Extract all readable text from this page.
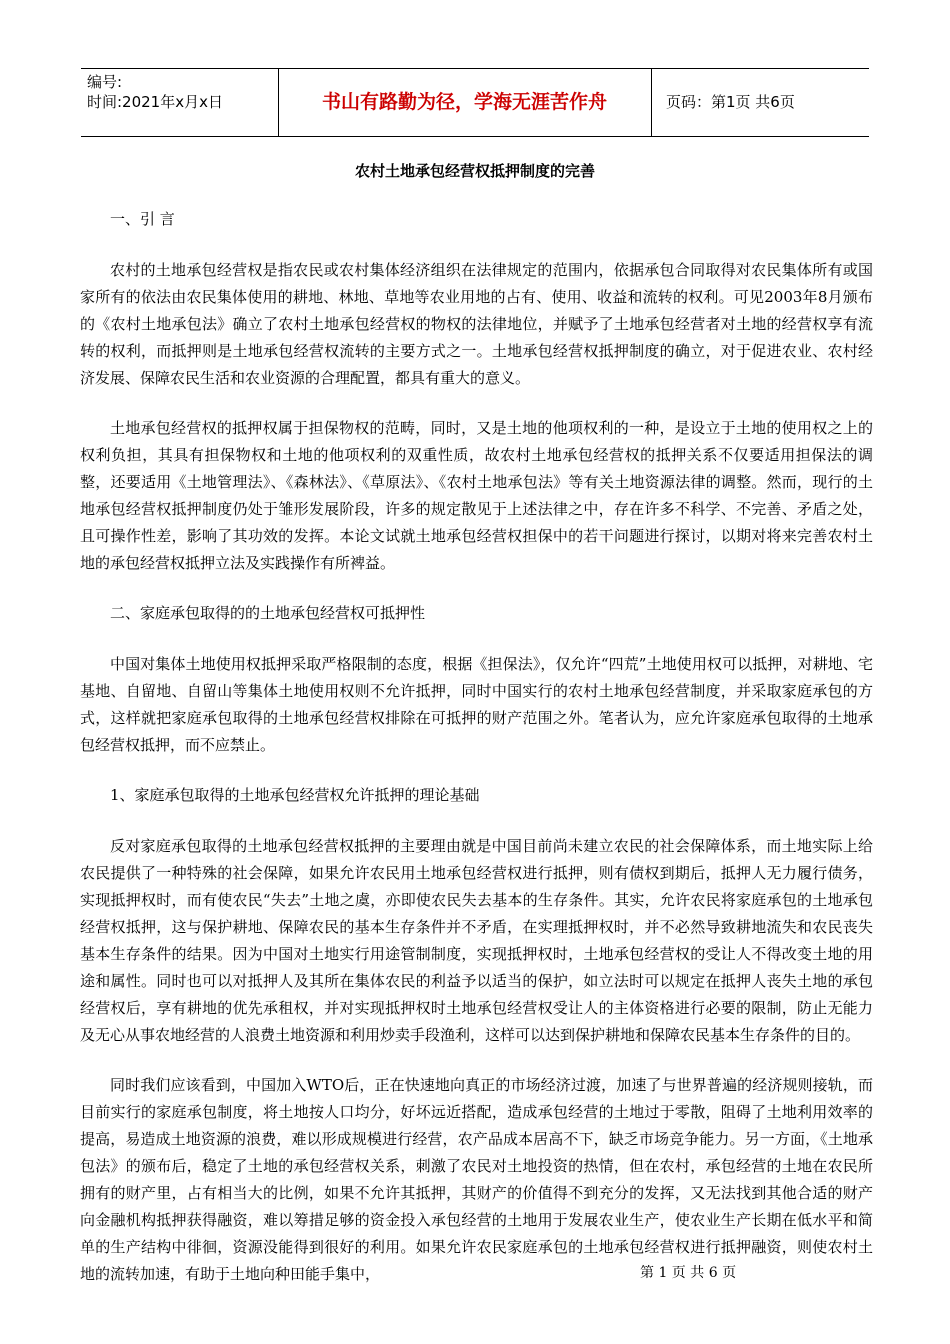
编号:
时间:2021年x月x日	书山有路勤为径，学海无涯苦作舟	页码：第1页 共6页
农村土地承包经营权抵押制度的完善

一、引 言

农村的土地承包经营权是指农民或农村集体经济组织在法律规定的范围内，依据承包合同取得对农民集体所有或国家所有的依法由农民集体使用的耕地、林地、草地等农业用地的占有、使用、收益和流转的权利。可见2003年8月颁布的《农村土地承包法》确立了农村土地承包经营权的物权的法律地位，并赋予了土地承包经营者对土地的经营权享有流转的权利，而抵押则是土地承包经营权流转的主要方式之一。土地承包经营权抵押制度的确立，对于促进农业、农村经济发展、保障农民生活和农业资源的合理配置，都具有重大的意义。

土地承包经营权的抵押权属于担保物权的范畴，同时，又是土地的他项权利的一种，是设立于土地的使用权之上的权利负担，其具有担保物权和土地的他项权利的双重性质，故农村土地承包经营权的抵押关系不仅要适用担保法的调整，还要适用《土地管理法》、《森林法》、《草原法》、《农村土地承包法》等有关土地资源法律的调整。然而，现行的土地承包经营权抵押制度仍处于雏形发展阶段，许多的规定散见于上述法律之中，存在许多不科学、不完善、矛盾之处，且可操作性差，影响了其功效的发挥。本论文试就土地承包经营权担保中的若干问题进行探讨，以期对将来完善农村土地的承包经营权抵押立法及实践操作有所裨益。

二、家庭承包取得的的土地承包经营权可抵押性

中国对集体土地使用权抵押采取严格限制的态度，根据《担保法》，仅允许“四荒”土地使用权可以抵押，对耕地、宅基地、自留地、自留山等集体土地使用权则不允许抵押，同时中国实行的农村土地承包经营制度，并采取家庭承包的方式，这样就把家庭承包取得的土地承包经营权排除在可抵押的财产范围之外。笔者认为，应允许家庭承包取得的土地承包经营权抵押，而不应禁止。

1、家庭承包取得的土地承包经营权允许抵押的理论基础

反对家庭承包取得的土地承包经营权抵押的主要理由就是中国目前尚未建立农民的社会保障体系，而土地实际上给农民提供了一种特殊的社会保障，如果允许农民用土地承包经营权进行抵押，则有债权到期后，抵押人无力履行债务，实现抵押权时，而有使农民“失去”土地之虞，亦即使农民失去基本的生存条件。其实，允许农民将家庭承包的土地承包经营权抵押，这与保护耕地、保障农民的基本生存条件并不矛盾，在实理抵押权时，并不必然导致耕地流失和农民丧失基本生存条件的结果。因为中国对土地实行用途管制制度，实现抵押权时，土地承包经营权的受让人不得改变土地的用途和属性。同时也可以对抵押人及其所在集体农民的利益予以适当的保护，如立法时可以规定在抵押人丧失土地的承包经营权后，享有耕地的优先承租权，并对实现抵押权时土地承包经营权受让人的主体资格进行必要的限制，防止无能力及无心从事农地经营的人浪费土地资源和利用炒卖手段渔利，这样可以达到保护耕地和保障农民基本生存条件的目的。

同时我们应该看到，中国加入WTO后，正在快速地向真正的市场经济过渡，加速了与世界普遍的经济规则接轨，而目前实行的家庭承包制度，将土地按人口均分，好坏远近搭配，造成承包经营的土地过于零散，阻碍了土地利用效率的提高，易造成土地资源的浪费，难以形成规模进行经营，农产品成本居高不下，缺乏市场竞争能力。另一方面，《土地承包法》的颁布后，稳定了土地的承包经营权关系，刺激了农民对土地投资的热情，但在农村，承包经营的土地在农民所拥有的财产里，占有相当大的比例，如果不允许其抵押，其财产的价值得不到充分的发挥，又无法找到其他合适的财产向金融机构抵押获得融资，难以筹措足够的资金投入承包经营的土地用于发展农业生产，使农业生产长期在低水平和简单的生产结构中徘徊，资源没能得到很好的利用。如果允许农民家庭承包的土地承包经营权进行抵押融资，则使农村土地的流转加速，有助于土地向种田能手集中，	第 1 页 共 6 页
